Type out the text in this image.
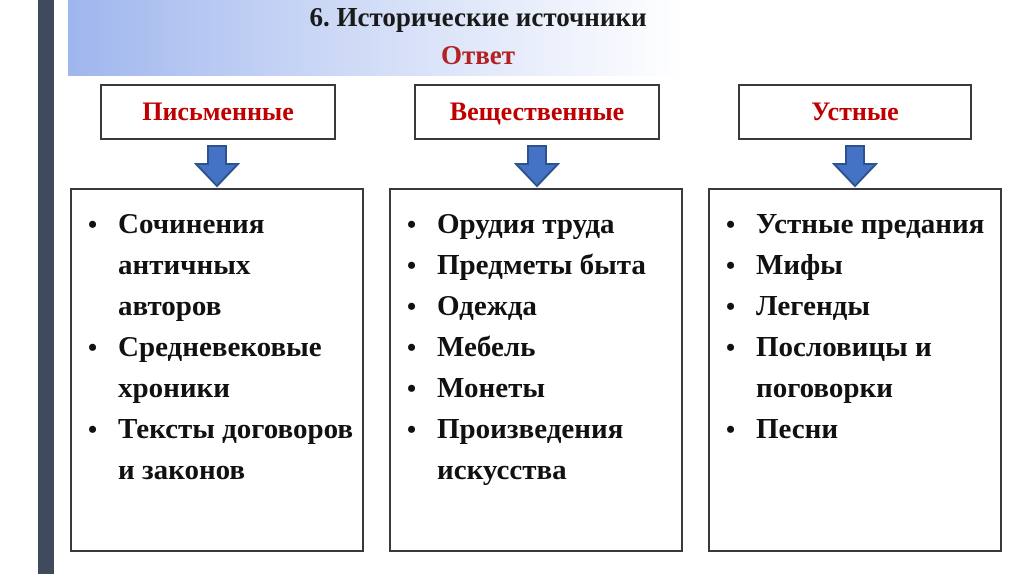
6. Исторические источники
Ответ
Письменные
• Сочинения античных авторов
• Средневековые хроники
• Тексты договоров и законов
Вещественные
• Орудия труда
• Предметы быта
• Одежда
• Мебель
• Монеты
• Произведения искусства
Устные
• Устные предания
• Мифы
• Легенды
• Пословицы и поговорки
• Песни
